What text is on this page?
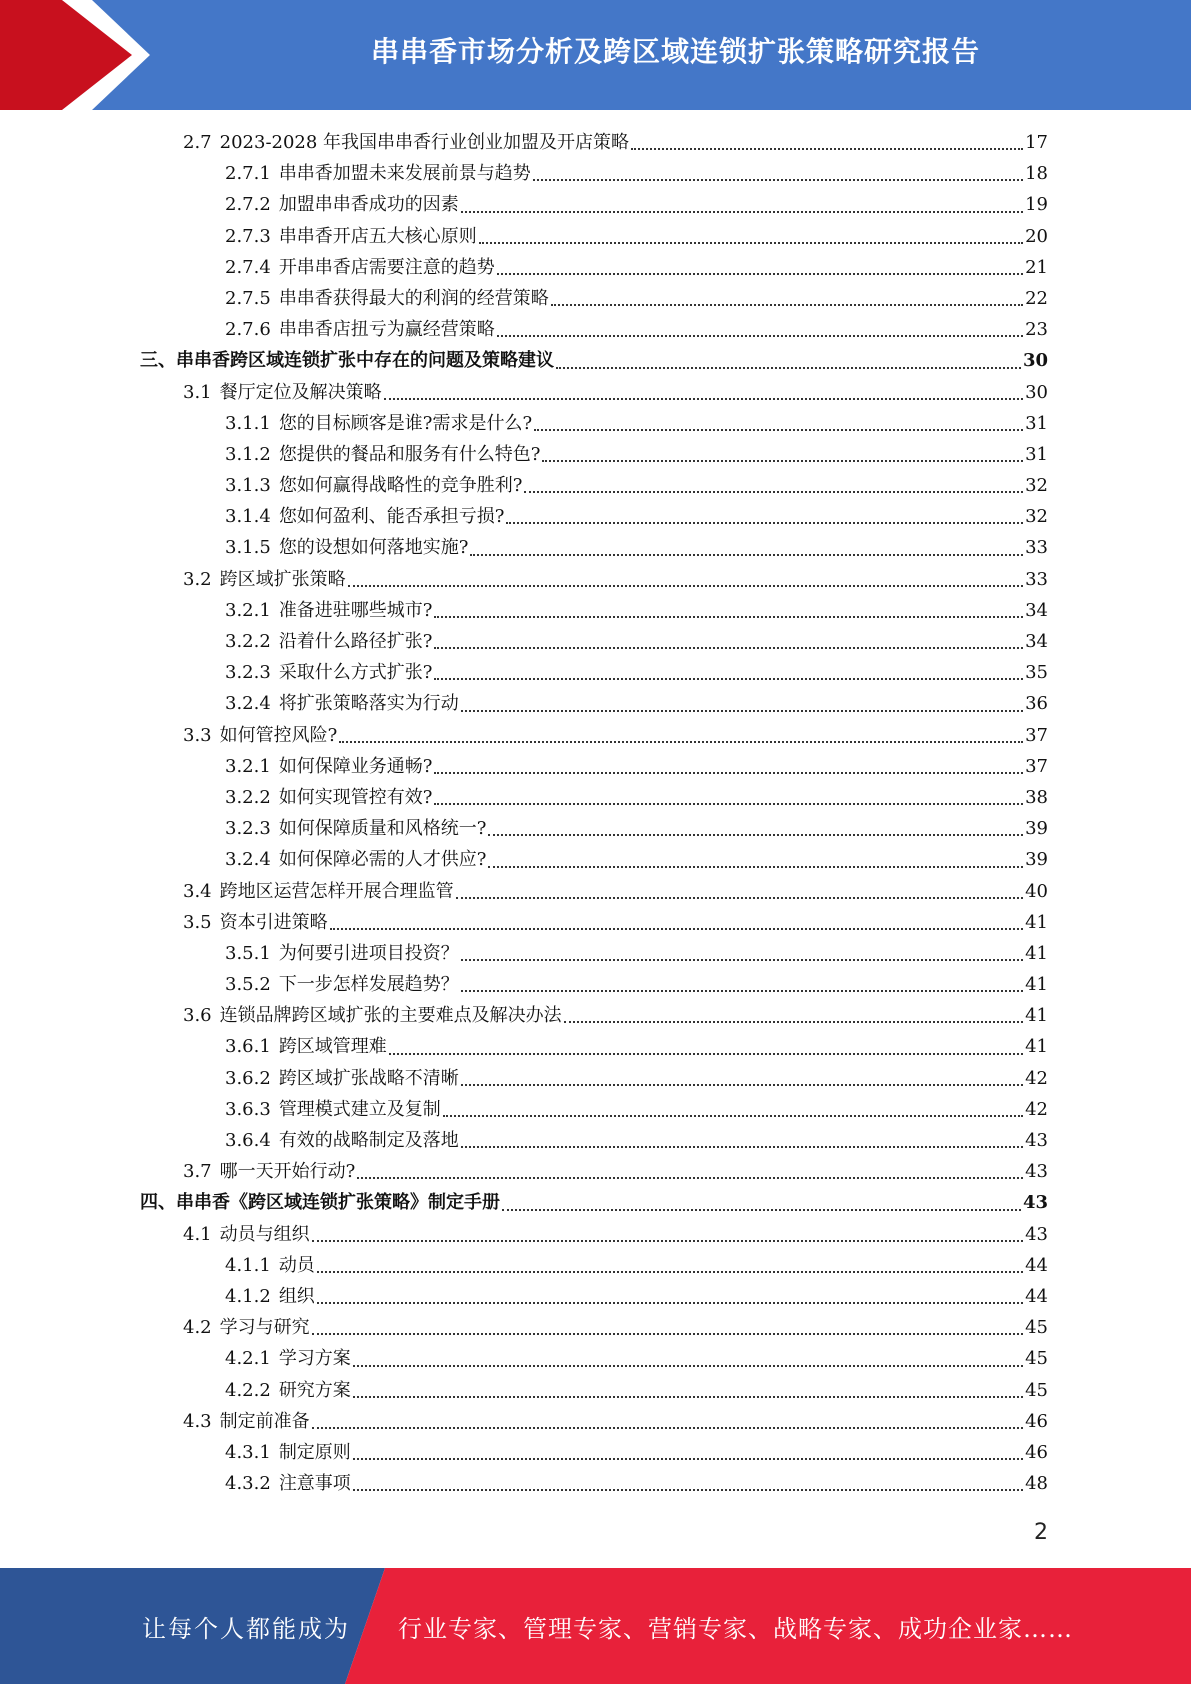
串串香市场分析及跨区域连锁扩张策略研究报告
2.7 2023-2028 年我国串串香行业创业加盟及开店策略	17
2.7.1 串串香加盟未来发展前景与趋势	18
2.7.2 加盟串串香成功的因素	19
2.7.3 串串香开店五大核心原则	20
2.7.4 开串串香店需要注意的趋势	21
2.7.5 串串香获得最大的利润的经营策略	22
2.7.6 串串香店扭亏为赢经营策略	23
三、串串香跨区域连锁扩张中存在的问题及策略建议	30
3.1 餐厅定位及解决策略	30
3.1.1 您的目标顾客是谁?需求是什么?	31
3.1.2 您提供的餐品和服务有什么特色?	31
3.1.3 您如何赢得战略性的竞争胜利?	32
3.1.4 您如何盈利、能否承担亏损?	32
3.1.5 您的设想如何落地实施?	33
3.2 跨区域扩张策略	33
3.2.1 准备进驻哪些城市?	34
3.2.2 沿着什么路径扩张?	34
3.2.3 采取什么方式扩张?	35
3.2.4 将扩张策略落实为行动	36
3.3 如何管控风险?	37
3.2.1 如何保障业务通畅?	37
3.2.2 如何实现管控有效?	38
3.2.3 如何保障质量和风格统一?	39
3.2.4 如何保障必需的人才供应?	39
3.4 跨地区运营怎样开展合理监管	40
3.5 资本引进策略	41
3.5.1 为何要引进项目投资？	41
3.5.2 下一步怎样发展趋势？	41
3.6 连锁品牌跨区域扩张的主要难点及解决办法	41
3.6.1 跨区域管理难	41
3.6.2 跨区域扩张战略不清晰	42
3.6.3 管理模式建立及复制	42
3.6.4 有效的战略制定及落地	43
3.7 哪一天开始行动?	43
四、串串香《跨区域连锁扩张策略》制定手册	43
4.1 动员与组织	43
4.1.1 动员	44
4.1.2 组织	44
4.2 学习与研究	45
4.2.1 学习方案	45
4.2.2 研究方案	45
4.3 制定前准备	46
4.3.1 制定原则	46
4.3.2 注意事项	48
2
让每个人都能成为 行业专家、管理专家、营销专家、战略专家、成功企业家……
